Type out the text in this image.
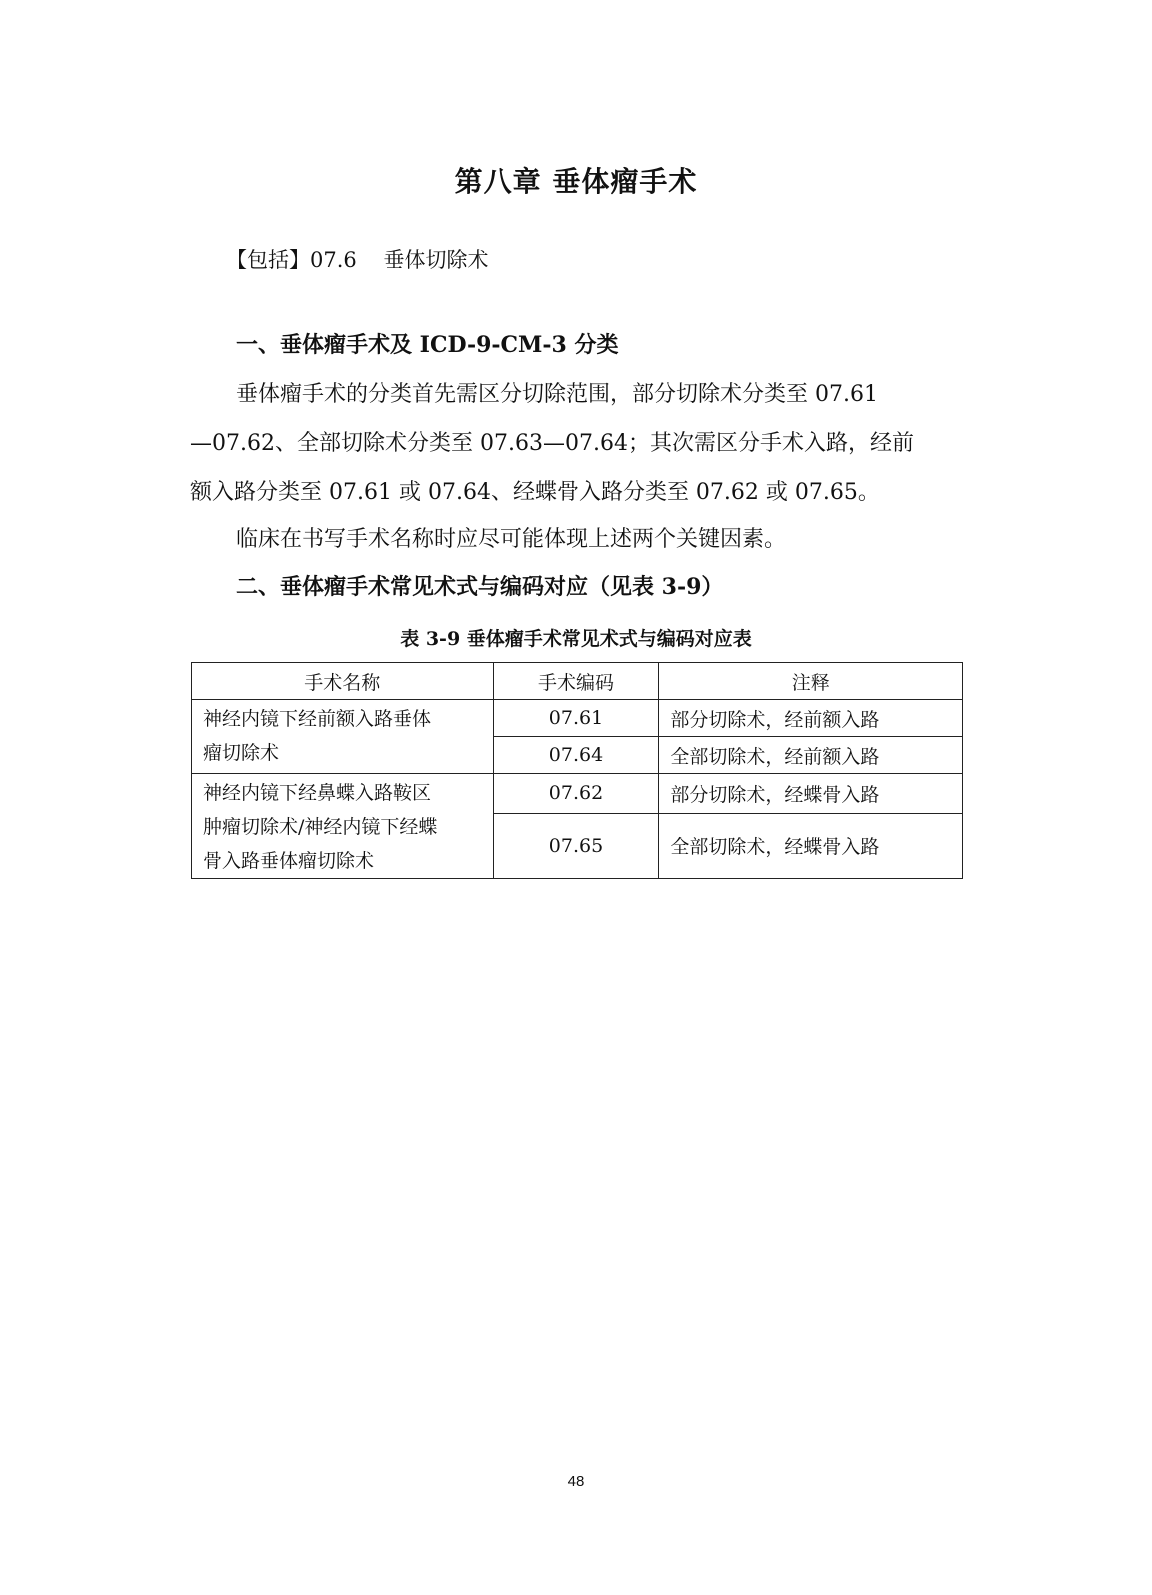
第八章 垂体瘤手术
【包括】07.6    垂体切除术
一、垂体瘤手术及 ICD-9-CM-3 分类
垂体瘤手术的分类首先需区分切除范围，部分切除术分类至 07.61
—07.62、全部切除术分类至 07.63—07.64；其次需区分手术入路，经前
额入路分类至 07.61 或 07.64、经蝶骨入路分类至 07.62 或 07.65。
临床在书写手术名称时应尽可能体现上述两个关键因素。
二、垂体瘤手术常见术式与编码对应（见表 3-9）
表 3-9 垂体瘤手术常见术式与编码对应表
手术名称	手术编码	注释

神经内镜下经前额入路垂体
瘤切除术	07.61	部分切除术，经前额入路
	07.64	全部切除术，经前额入路

神经内镜下经鼻蝶入路鞍区
肿瘤切除术/神经内镜下经蝶
骨入路垂体瘤切除术	07.62	部分切除术，经蝶骨入路
	07.65	全部切除术，经蝶骨入路
48
